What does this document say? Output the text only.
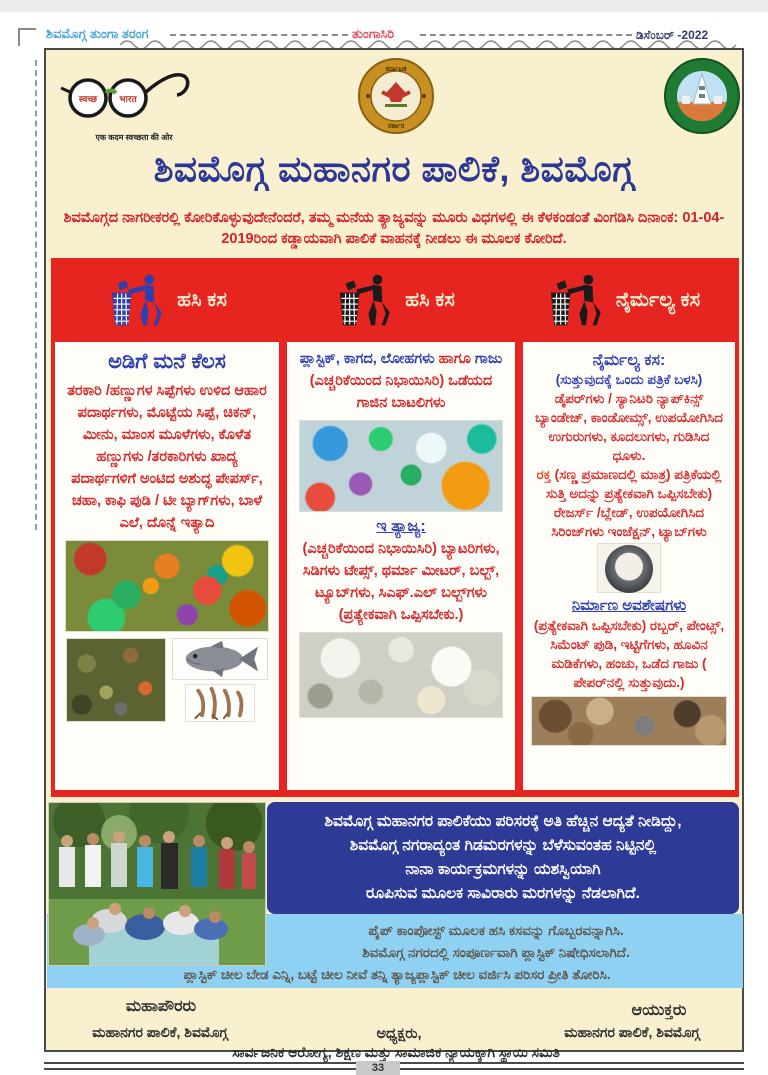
ಶಿವಮೊಗ್ಗ ತುಂಗಾ ತರಂಗ	ತುಂಗಾಸಿರಿ	ಡಿಸೆಂಬರ್ -2022
स्वच्छ भारत
एक कदम स्वच्छता की ओर
ಕರ್ನಾಟಕ
ಸರ್ಕಾರ
ಶಿವಮೊಗ್ಗ ಮಹಾನಗರ ಪಾಲಿಕೆ, ಶಿವಮೊಗ್ಗ
ಶಿವಮೊಗ್ಗದ ನಾಗರೀಕರಲ್ಲಿ ಕೋರಿಕೊಳ್ಳುವುದೇನೆಂದರೆ, ತಮ್ಮ ಮನೆಯ ತ್ಯಾಜ್ಯವನ್ನು ಮೂರು ವಿಧಗಳಲ್ಲಿ ಈ ಕೆಳಕಂಡಂತೆ ವಿಂಗಡಿಸಿ ದಿನಾಂಕ: 01-04-2019ರಿಂದ ಕಡ್ಡಾಯವಾಗಿ ಪಾಲಿಕೆ ವಾಹನಕ್ಕೆ ನೀಡಲು ಈ ಮೂಲಕ ಕೋರಿದೆ.
ಹಸಿ ಕಸ	ಹಸಿ ಕಸ	ನೈರ್ಮಲ್ಯ ಕಸ
ಅಡಿಗೆ ಮನೆ ಕೆಲಸ
ತರಕಾರಿ /ಹಣ್ಣುಗಳ ಸಿಪ್ಪೆಗಳು ಉಳಿದ ಆಹಾರ ಪದಾರ್ಥಗಳು, ಮೊಟ್ಟೆಯ ಸಿಪ್ಪೆ, ಚಿಕನ್, ಮೀನು, ಮಾಂಸ ಮೂಳೆಗಳು, ಕೊಳೆತ ಹಣ್ಣುಗಳು /ತರಕಾರಿಗಳು ಖಾದ್ಯ ಪದಾರ್ಥಗಳಿಗೆ ಅಂಟಿದ ಅಶುದ್ಧ ಪೇಪರ್ಸ್, ಚಹಾ, ಕಾಫಿ ಪುಡಿ / ಟೀ ಬ್ಯಾಗ್‌ಗಳು, ಬಾಳೆ ಎಲೆ, ದೊನ್ನೆ ಇತ್ಯಾದಿ
ಪ್ಲಾಸ್ಟಿಕ್, ಕಾಗದ, ಲೋಹಗಳು ಹಾಗೂ ಗಾಜು (ಎಚ್ಚರಿಕೆಯಿಂದ ನಿಭಾಯಿಸಿರಿ) ಒಡೆಯದ ಗಾಜಿನ ಬಾಟಲಿಗಳು
ಇ ತ್ಯಾಜ್ಯ:
(ಎಚ್ಚರಿಕೆಯಿಂದ ನಿಭಾಯಿಸಿರಿ) ಬ್ಯಾಟರಿಗಳು, ಸಿಡಿಗಳು ಟೇಪ್ಸ್, ಥರ್ಮಾ ಮೀಟರ್, ಬಲ್ಬ್, ಟ್ಯೂಬ್‌ಗಳು, ಸಿಎಫ್.ಎಲ್ ಬಲ್ಬ್‌ಗಳು
(ಪ್ರತ್ಯೇಕವಾಗಿ ಒಪ್ಪಿಸಬೇಕು.)
ನೈರ್ಮಲ್ಯ ಕಸ:
(ಸುತ್ತುವುದಕ್ಕೆ ಒಂದು ಪತ್ರಿಕೆ ಬಳಸಿ)
ಡೈಪರ್‌ಗಳು / ಸ್ಯಾನಿಟರಿ ನ್ಯಾಪ್‌ಕಿನ್ಸ್ ಬ್ಯಾಂಡೇಜ್, ಕಾಂಡೋಮ್ಸ್, ಉಪಯೋಗಿಸಿದ ಉಗುರುಗಳು, ಕೂದಲುಗಳು, ಗುಡಿಸಿದ ಧೂಳು.
ರಕ್ತ (ಸಣ್ಣ ಪ್ರಮಾಣದಲ್ಲಿ ಮಾತ್ರ) ಪತ್ರಿಕೆಯಲ್ಲಿ ಸುತ್ತಿ ಅದನ್ನು ಪ್ರತ್ಯೇಕವಾಗಿ ಒಪ್ಪಿಸಬೇಕು)
ರೇಜರ್ಸ್ /ಬ್ಲೇಡ್, ಉಪಯೋಗಿಸಿದ ಸಿರಿಂಜ್‌ಗಳು ಇಂಜೆಕ್ಷನ್, ಟ್ಯಾಬ್‌ಗಳು
ನಿರ್ಮಾಣ ಅವಶೇಷಗಳು
(ಪ್ರತ್ಯೇಕವಾಗಿ ಒಪ್ಪಿಸಬೇಕು) ರಬ್ಬರ್, ಪೇಂಟ್ಸ್, ಸಿಮೆಂಟ್ ಪುಡಿ, ಇಟ್ಟಿಗೆಗಳು, ಹೂವಿನ ಮಡಿಕೆಗಳು, ಹಂಚು, ಒಡೆದ ಗಾಜು ( ಪೇಪರ್‌ನಲ್ಲಿ ಸುತ್ತುವುದು.)
ಶಿವಮೊಗ್ಗ ಮಹಾನಗರ ಪಾಲಿಕೆಯು ಪರಿಸರಕ್ಕೆ ಅತಿ ಹೆಚ್ಚಿನ ಆದ್ಯತೆ ನೀಡಿದ್ದು,
ಶಿವಮೊಗ್ಗ ನಗರಾದ್ಯಂತ ಗಿಡಮರಗಳನ್ನು ಬೆಳೆಸುವಂತಹ ನಿಟ್ಟಿನಲ್ಲಿ
ನಾನಾ ಕಾರ್ಯಕ್ರಮಗಳನ್ನು ಯಶಸ್ವಿಯಾಗಿ
ರೂಪಿಸುವ ಮೂಲಕ ಸಾವಿರಾರು ಮರಗಳನ್ನು ನೆಡಲಾಗಿದೆ.
ಪೈಪ್ ಕಾಂಪೋಸ್ಟ್ ಮೂಲಕ ಹಸಿ ಕಸವನ್ನು ಗೊಬ್ಬರವನ್ನಾಗಿಸಿ.
ಶಿವಮೊಗ್ಗ ನಗರದಲ್ಲಿ ಸಂಪೂರ್ಣವಾಗಿ ಪ್ಲಾಸ್ಟಿಕ್ ನಿಷೇಧಿಸಲಾಗಿದೆ.
ಪ್ಲಾಸ್ಟಿಕ್ ಚೀಲ ಬೇಡ ಎನ್ನಿ, ಬಟ್ಟೆ ಚೀಲ ನೀವೆ ತನ್ನಿ ತ್ಯಾಜ್ಯಪ್ಲಾಸ್ಟಿಕ್ ಚೀಲ ವರ್ಜಿಸಿ ಪರಿಸರ ಪ್ರೀತಿ ತೋರಿಸಿ.
ಮಹಾಪೌರರು	ಆಯುಕ್ತರು
ಮಹಾನಗರ ಪಾಲಿಕೆ, ಶಿವಮೊಗ್ಗ	ಅಧ್ಯಕ್ಷರು,	ಮಹಾನಗರ ಪಾಲಿಕೆ, ಶಿವಮೊಗ್ಗ
ಸಾರ್ವಜನಿಕ ಆರೋಗ್ಯ, ಶಿಕ್ಷಣ ಮತ್ತು ಸಾಮಾಜಿಕ ನ್ಯಾಯಕ್ಕಾಗಿ ಸ್ಥಾಯಿ ಸಮಿತಿ
33
